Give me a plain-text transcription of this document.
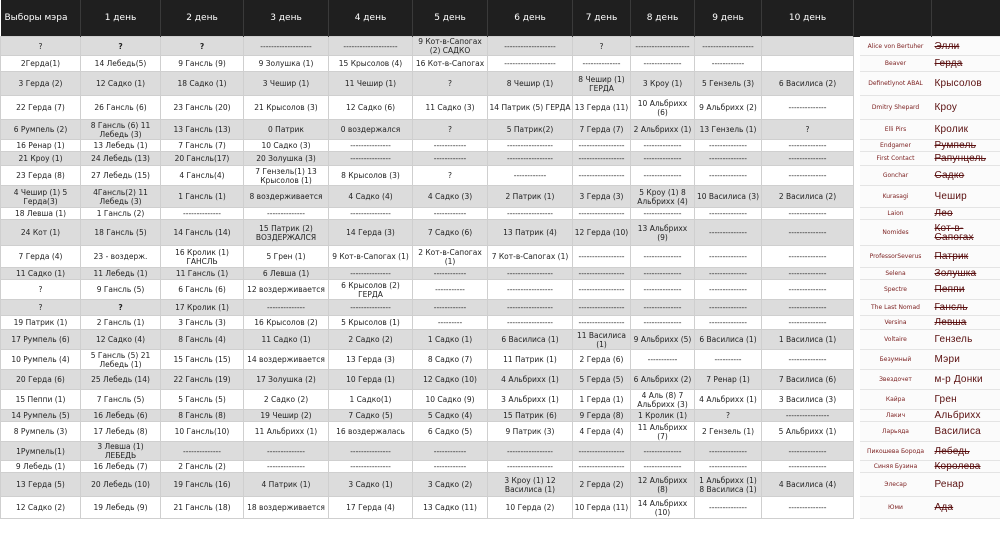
Выборы мэра	1 день	2 день	3 день	4 день	5 день	6 день	7 день	8 день	9 день	10 день			
?	?	?	-------------------	--------------------	9 Кот-в-Сапогах (2) САДКО	-------------------	?	--------------------	-------------------			Alice von Bertuher	Элли
2Герда(1)	14 Лебедь(5)	9 Гансль (9)	9 Золушка (1)	15 Крысолов (4)	16 Кот-в-Сапогах	-------------------	--------------	--------------	------------			Beaver	Герда
3 Герда (2)	12 Садко (1)	18 Садко (1)	3 Чешир (1)	11 Чешир (1)	?	8 Чешир (1)	8 Чешир (1) ГЕРДА	3 Кроу (1)	5 Гензель (3)	6 Василиса (2)		Definetlynot ABAL	Крысолов
22 Герда (7)	26 Гансль (6)	23 Гансль (20)	21 Крысолов (3)	12 Садко (6)	11 Садко (3)	14 Патрик (5) ГЕРДА	13 Герда (11)	10 Альбрихх (6)	9 Альбрихх (2)	--------------		Dmitry Shepard	Кроу
6 Румпель (2)	8 Гансль (6) 11 Лебедь (3)	13 Гансль (13)	0 Патрик	0 воздержался	?	5 Патрик(2)	7 Герда (7)	2 Альбрихх (1)	13 Гензель (1)	?		Elli Pirs	Кролик
16 Ренар (1)	13 Лебедь (1)	7 Гансль (7)	10 Садко (3)	---------------	------------	-----------------	-----------------	--------------	--------------	--------------		Endgamer	Румпель
21 Кроу (1)	24 Лебедь (13)	20 Гансль(17)	20 Золушка (3)	---------------	------------	-----------------	-----------------	--------------	--------------	--------------		First Contact	Рапунцель
23 Герда (8)	27 Лебедь (15)	4 Гансль(4)	7 Гензель(1) 13 Крысолов (1)	8 Крысолов (3)	?	------------	-----------------	--------------	--------------	--------------		Gonchar	Садко
4 Чешир (1) 5 Герда(3)	4Гансль(2) 11 Лебедь (3)	1 Гансль (1)	8 воздерживается	4 Садко (4)	4 Садко (3)	2 Патрик (1)	3 Герда (3)	5 Кроу (1) 8 Альбрихх (4)	10 Василиса (3)	2 Василиса (2)		Kurasagi	Чешир
18 Левша (1)	1 Гансль (2)	--------------	--------------	---------------	------------	-----------------	-----------------	--------------	--------------	--------------		Laion	Лео
24 Кот (1)	18 Гансль (5)	14 Гансль (14)	15 Патрик (2) ВОЗДЕРЖАЛСЯ	14 Герда (3)	7 Садко (6)	13 Патрик (4)	12 Герда (10)	13 Альбрихх (9)	--------------	--------------		Nomides	Кот-в-Сапогах
7 Герда (4)	23 - воздерж.	16 Кролик (1) ГАНСЛЬ	5 Грен (1)	9 Кот-в-Сапогах (1)	2 Кот-в-Сапогах (1)	7 Кот-в-Сапогах (1)	-----------------	--------------	--------------	--------------		ProfessorSeverus	Патрик
11 Садко (1)	11 Лебедь (1)	11 Гансль (1)	6 Левша (1)	---------------	------------	-----------------	-----------------	--------------	--------------	--------------		Selena	Золушка
?	9 Гансль (5)	6 Гансль (6)	12 воздерживается	6 Крысолов (2) ГЕРДА	-----------	-----------------	-----------------	--------------	--------------	--------------		Spectre	Пеппи
?	?	17 Кролик (1)	--------------	---------------	------------	-----------------	-----------------	--------------	--------------	--------------		The Last Nomad	Гансль
19 Патрик (1)	2 Гансль (1)	3 Гансль (3)	16 Крысолов (2)	5 Крысолов (1)	---------	-----------------	-----------------	--------------	--------------	--------------		Versina	Левша
17 Румпель (6)	12 Садко (4)	8 Гансль (4)	11 Садко (1)	2 Садко (2)	1 Садко (1)	6 Василиса (1)	11 Василиса (1)	9 Альбрихх (5)	6 Василиса (1)	1 Василиса (1)		Voltaire	Гензель
10 Румпель (4)	5 Гансль (5) 21 Лебедь (1)	15 Гансль (15)	14 воздерживается	13 Герда (3)	8 Садко (7)	11 Патрик (1)	2 Герда (6)	-----------	----------	--------------		Безумный	Мэри
20 Герда (6)	25 Лебедь (14)	22 Гансль (19)	17 Золушка (2)	10 Герда (1)	12 Садко (10)	4 Альбрихх (1)	5 Герда (5)	6 Альбрихх (2)	7 Ренар (1)	7 Василиса (6)		Звездочет	м-р Донки
15 Пеппи (1)	7 Гансль (5)	5 Гансль (5)	2 Садко (2)	1 Садко(1)	10 Садко (9)	3 Альбрихх (1)	1 Герда (1)	4 Аль (8) 7 Альбрихх (3)	4 Альбрихх (1)	3 Василиса (3)		Кайра	Грен
14 Румпель (5)	16 Лебедь (6)	8 Гансль (8)	19 Чешир (2)	7 Садко (5)	5 Садко (4)	15 Патрик (6)	9 Герда (8)	1 Кролик (1)	?	----------------		Лакич	Альбрихх
8 Румпель (3)	17 Лебедь (8)	10 Гансль(10)	11 Альбрихх (1)	16 воздержалась	6 Садко (5)	9 Патрик (3)	4 Герда (4)	11 Альбрихх (7)	2 Гензель (1)	5 Альбрихх (1)		Ларьяда	Василиса
1Румпель(1)	3 Левша (1) ЛЕБЕДЬ	--------------	--------------	---------------	------------	-----------------	-----------------	--------------	--------------	--------------		Пикошева Борода	Лебедь
9 Лебедь (1)	16 Лебедь (7)	2 Гансль (2)	--------------	---------------	------------	-----------------	-----------------	--------------	--------------	--------------		Синяя Бузина	Королева
13 Герда (5)	20 Лебедь (10)	19 Гансль (16)	4 Патрик (1)	3 Садко (1)	3 Садко (2)	3 Кроу (1) 12 Василиса (1)	2 Герда (2)	12 Альбрихх (8)	1 Альбрихх (1) 8 Василиса (1)	4 Василиса (4)		Элесар	Ренар
12 Садко (2)	19 Лебедь (9)	21 Гансль (18)	18 воздерживается	17 Герда (4)	13 Садко (11)	10 Герда (2)	10 Герда (11)	14 Альбрихх (10)	--------------	--------------		Юми	Ада
